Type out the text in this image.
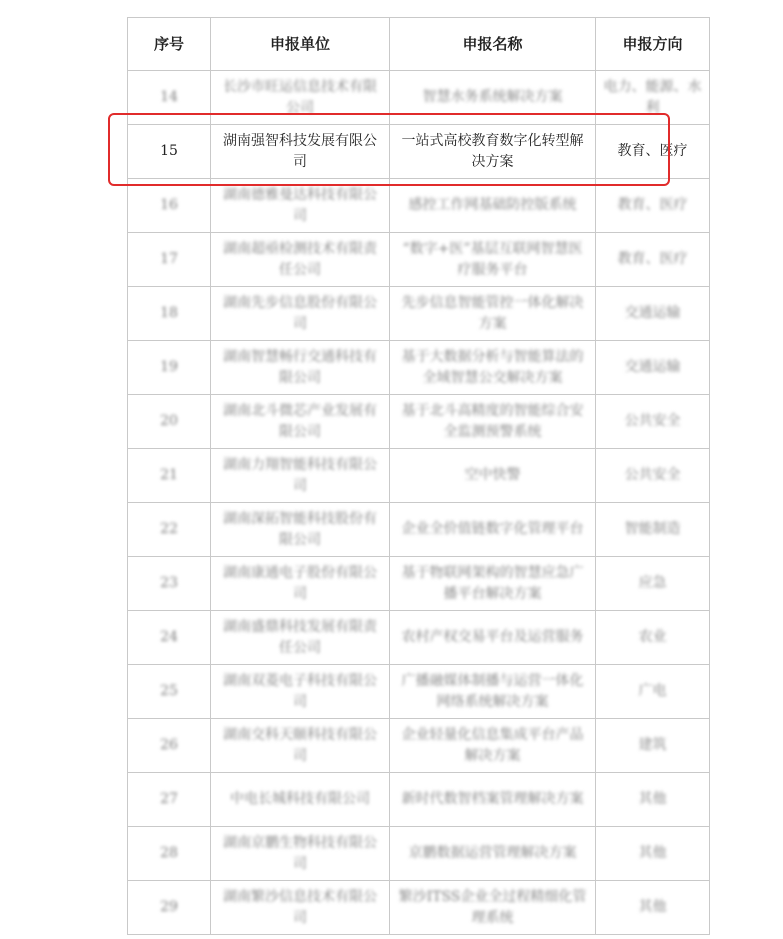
序号	申报单位	申报名称	申报方向
14	长沙市旺运信息技术有限公司	智慧水务系统解决方案	电力、能源、水利
15	湖南强智科技发展有限公司	一站式高校教育数字化转型解决方案	教育、医疗
16	湖南德雅曼达科技有限公司	感控工作网基础防控版系统	教育、医疗
17	湖南超亟检测技术有限责任公司	“数字+医”基层互联网智慧医疗服务平台	教育、医疗
18	湖南先步信息股份有限公司	先步信息智能管控一体化解决方案	交通运输
19	湖南智慧畅行交通科技有限公司	基于大数据分析与智能算法的全域智慧公交解决方案	交通运输
20	湖南北斗微芯产业发展有限公司	基于北斗高精度的智能综合安全监测预警系统	公共安全
21	湖南力翔智能科技有限公司	空中快警	公共安全
22	湖南深拓智能科技股份有限公司	企业全价值链数字化管理平台	智能制造
23	湖南康通电子股份有限公司	基于物联网架构的智慧应急广播平台解决方案	应急
24	湖南盛鼎科技发展有限责任公司	农村产权交易平台及运营服务	农业
25	湖南双菱电子科技有限公司	广播融媒体制播与运营一体化网络系统解决方案	广电
26	湖南交科天颐科技有限公司	企业轻量化信息集成平台产品解决方案	建筑
27	中电长城科技有限公司	新时代数智档案管理解决方案	其他
28	湖南京鹏生物科技有限公司	京鹏数据运营管理解决方案	其他
29	湖南繁沙信息技术有限公司	繁沙ITSS企业全过程精细化管理系统	其他
